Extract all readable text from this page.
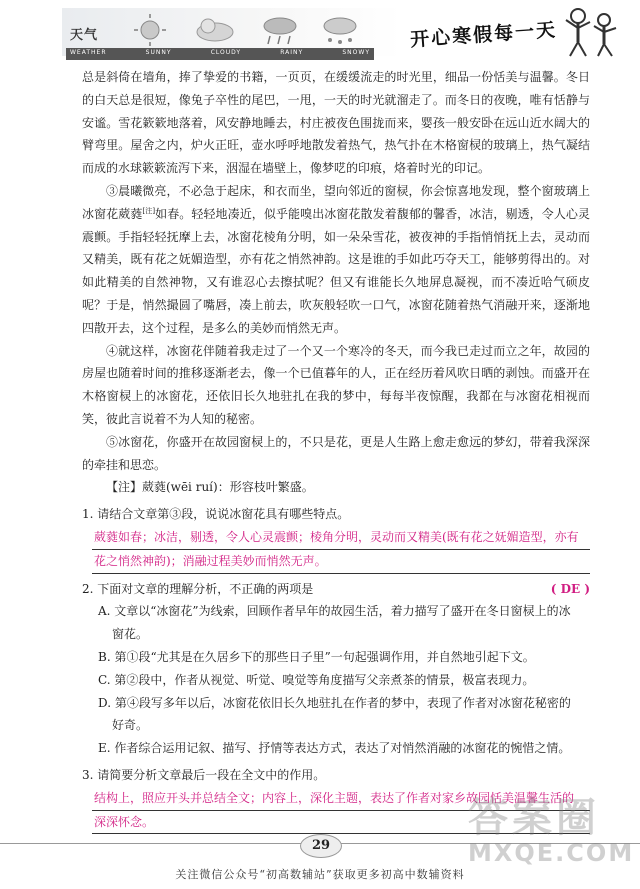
天气
WEATHER	SUNNY	CLOUDY	RAINY	SNOWY
开心寒假每一天

总是斜倚在墙角，捧了挚爱的书籍，一页页，在缓缓流走的时光里，细品一份恬美与温馨。冬日的白天总是很短，像兔子卒性的尾巴，一甩，一天的时光就溜走了。而冬日的夜晚，唯有恬静与安谧。雪花簌簌地落着，风安静地睡去，村庄被夜色围拢而来，婴孩一般安卧在远山近水阔大的臂弯里。屋舍之内，炉火正旺，壶水呼呼地散发着热气，热气扑在木格窗棂的玻璃上，热气凝结而成的水球簌簌流泻下来，洇湿在墙壁上，像梦呓的印痕，烙着时光的印记。

③晨曦微亮，不必急于起床，和衣而坐，望向邻近的窗棂，你会惊喜地发现，整个窗玻璃上冰窗花葳蕤[注]如春。轻轻地凑近，似乎能嗅出冰窗花散发着馥郁的馨香，冰洁，剔透，令人心灵震颤。手指轻轻抚摩上去，冰窗花棱角分明，如一朵朵雪花，被夜神的手指悄悄抚上去，灵动而又精美，既有花之妩媚造型，亦有花之悄然神韵。这是谁的手如此巧夺天工，能够剪得出的。对如此精美的自然神物，又有谁忍心去擦拭呢？但又有谁能长久地屏息凝视，而不凑近哈气硕皮呢？于是，悄然撮圆了嘴唇，凑上前去，吹灰般轻吹一口气，冰窗花随着热气消融开来，逐渐地四散开去，这个过程，是多么的美妙而悄然无声。

④就这样，冰窗花伴随着我走过了一个又一个寒冷的冬天，而今我已走过而立之年，故园的房屋也随着时间的推移逐渐老去，像一个已值暮年的人，正在经历着风吹日晒的剥蚀。而盛开在木格窗棂上的冰窗花，还依旧长久地驻扎在我的梦中，每每半夜惊醒，我都在与冰窗花相视而笑，彼此言说着不为人知的秘密。

⑤冰窗花，你盛开在故园窗棂上的，不只是花，更是人生路上愈走愈远的梦幻，带着我深深的牵挂和思恋。

【注】葳蕤(wēi ruí)：形容枝叶繁盛。

1. 请结合文章第③段，说说冰窗花具有哪些特点。

葳蕤如春；冰洁，剔透，令人心灵震颤；棱角分明，灵动而又精美(既有花之妩媚造型，亦有
花之悄然神韵)；消融过程美妙而悄然无声。

2. 下面对文章的理解分析，不正确的两项是	( DE )

A. 文章以“冰窗花”为线索，回顾作者早年的故园生活，着力描写了盛开在冬日窗棂上的冰
窗花。
B. 第①段“尤其是在久居乡下的那些日子里”一句起强调作用，并自然地引起下文。
C. 第②段中，作者从视觉、听觉、嗅觉等角度描写父亲煮茶的情景，极富表现力。
D. 第④段写多年以后，冰窗花依旧长久地驻扎在作者的梦中，表现了作者对冰窗花秘密的
好奇。
E. 作者综合运用记叙、描写、抒情等表达方式，表达了对悄然消融的冰窗花的惋惜之情。

3. 请简要分析文章最后一段在全文中的作用。

结构上，照应开头并总结全文；内容上，深化主题，表达了作者对家乡故园恬美温馨生活的
深深怀念。
29
答案圈
MXQE.COM
关注微信公众号“初高数辅站”获取更多初高中数辅资料
